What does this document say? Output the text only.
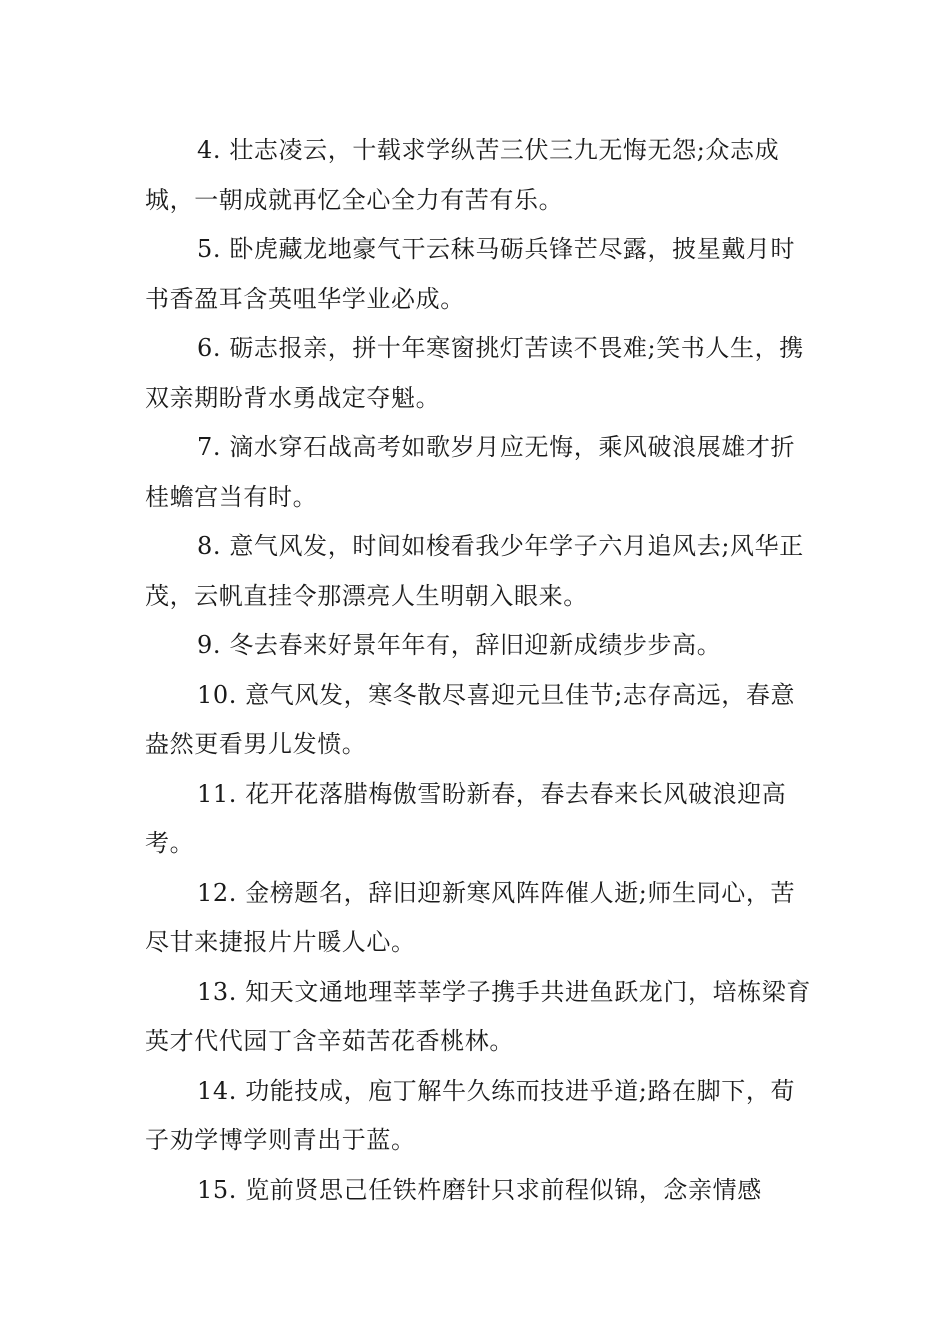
4. 壮志凌云，十载求学纵苦三伏三九无悔无怨;众志成城，一朝成就再忆全心全力有苦有乐。

5. 卧虎藏龙地豪气干云秣马砺兵锋芒尽露，披星戴月时书香盈耳含英咀华学业必成。

6. 砺志报亲，拼十年寒窗挑灯苦读不畏难;笑书人生，携双亲期盼背水勇战定夺魁。

7. 滴水穿石战高考如歌岁月应无悔，乘风破浪展雄才折桂蟾宫当有时。

8. 意气风发，时间如梭看我少年学子六月追风去;风华正茂，云帆直挂令那漂亮人生明朝入眼来。

9. 冬去春来好景年年有，辞旧迎新成绩步步高。

10. 意气风发，寒冬散尽喜迎元旦佳节;志存高远，春意盎然更看男儿发愤。

11. 花开花落腊梅傲雪盼新春，春去春来长风破浪迎高考。

12. 金榜题名，辞旧迎新寒风阵阵催人逝;师生同心，苦尽甘来捷报片片暖人心。

13. 知天文通地理莘莘学子携手共进鱼跃龙门，培栋梁育英才代代园丁含辛茹苦花香桃林。

14. 功能技成，庖丁解牛久练而技进乎道;路在脚下，荀子劝学博学则青出于蓝。

15. 览前贤思己任铁杵磨针只求前程似锦，念亲情感
